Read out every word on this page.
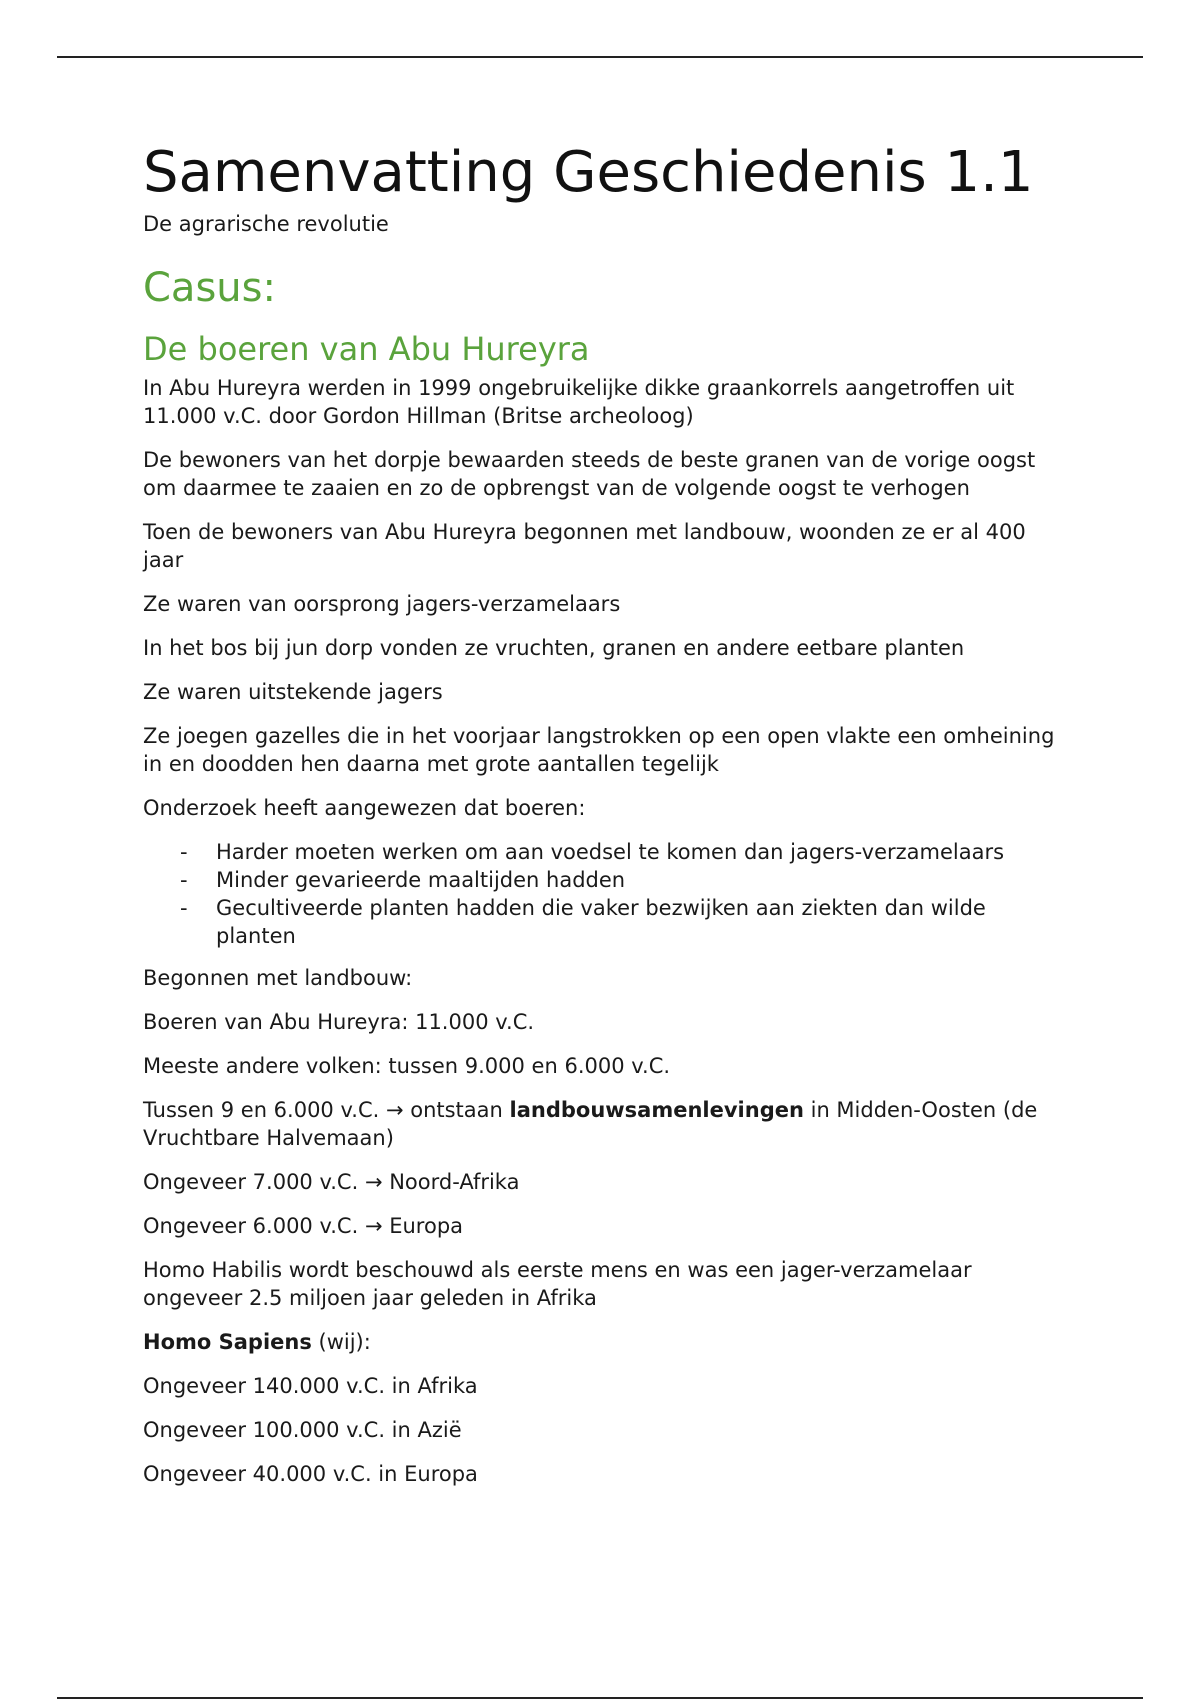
Samenvatting Geschiedenis 1.1

De agrarische revolutie

Casus:
De boeren van Abu Hureyra

In Abu Hureyra werden in 1999 ongebruikelijke dikke graankorrels aangetroffen uit 11.000 v.C. door Gordon Hillman (Britse archeoloog)

De bewoners van het dorpje bewaarden steeds de beste granen van de vorige oogst om daarmee te zaaien en zo de opbrengst van de volgende oogst te verhogen

Toen de bewoners van Abu Hureyra begonnen met landbouw, woonden ze er al 400 jaar

Ze waren van oorsprong jagers-verzamelaars

In het bos bij jun dorp vonden ze vruchten, granen en andere eetbare planten

Ze waren uitstekende jagers

Ze joegen gazelles die in het voorjaar langstrokken op een open vlakte een omheining in en doodden hen daarna met grote aantallen tegelijk

Onderzoek heeft aangewezen dat boeren:

- Harder moeten werken om aan voedsel te komen dan jagers-verzamelaars
- Minder gevarieerde maaltijden hadden
- Gecultiveerde planten hadden die vaker bezwijken aan ziekten dan wilde planten

Begonnen met landbouw:

Boeren van Abu Hureyra: 11.000 v.C.

Meeste andere volken: tussen 9.000 en 6.000 v.C.

Tussen 9 en 6.000 v.C. → ontstaan landbouwsamenlevingen in Midden-Oosten (de Vruchtbare Halvemaan)

Ongeveer 7.000 v.C. → Noord-Afrika

Ongeveer 6.000 v.C. → Europa

Homo Habilis wordt beschouwd als eerste mens en was een jager-verzamelaar ongeveer 2.5 miljoen jaar geleden in Afrika

Homo Sapiens (wij):

Ongeveer 140.000 v.C. in Afrika

Ongeveer 100.000 v.C. in Azië

Ongeveer 40.000 v.C. in Europa
